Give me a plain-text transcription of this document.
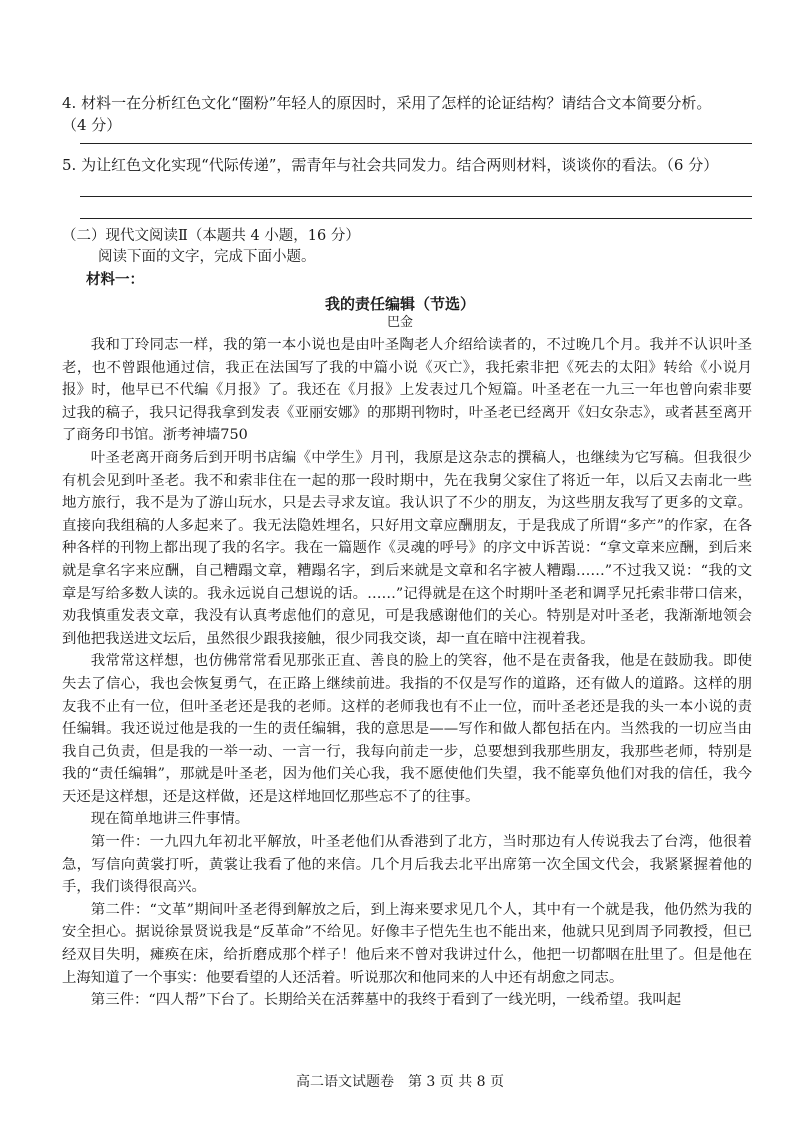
4. 材料一在分析红色文化“圈粉”年轻人的原因时，采用了怎样的论证结构？请结合文本简要分析。
（4 分）
5. 为让红色文化实现“代际传递”，需青年与社会共同发力。结合两则材料，谈谈你的看法。（6 分）
（二）现代文阅读Ⅱ（本题共 4 小题，16 分）
阅读下面的文字，完成下面小题。
材料一：
我的责任编辑（节选）
巴金

我和丁玲同志一样，我的第一本小说也是由叶圣陶老人介绍给读者的，不过晚几个月。我并不认识叶圣老，也不曾跟他通过信，我正在法国写了我的中篇小说《灭亡》，我托索非把《死去的太阳》转给《小说月报》时，他早已不代编《月报》了。我还在《月报》上发表过几个短篇。叶圣老在一九三一年也曾向索非要过我的稿子，我只记得我拿到发表《亚丽安娜》的那期刊物时，叶圣老已经离开《妇女杂志》，或者甚至离开了商务印书馆。浙考神墙750

叶圣老离开商务后到开明书店编《中学生》月刊，我原是这杂志的撰稿人，也继续为它写稿。但我很少有机会见到叶圣老。我不和索非住在一起的那一段时期中，先在我舅父家住了将近一年，以后又去南北一些地方旅行，我不是为了游山玩水，只是去寻求友谊。我认识了不少的朋友，为这些朋友我写了更多的文章。直接向我组稿的人多起来了。我无法隐姓埋名，只好用文章应酬朋友，于是我成了所谓“多产”的作家，在各种各样的刊物上都出现了我的名字。我在一篇题作《灵魂的呼号》的序文中诉苦说：“拿文章来应酬，到后来就是拿名字来应酬，自己糟蹋文章，糟蹋名字，到后来就是文章和名字被人糟蹋……”不过我又说：“我的文章是写给多数人读的。我永远说自己想说的话。……”记得就是在这个时期叶圣老和调孚兄托索非带口信来，劝我慎重发表文章，我没有认真考虑他们的意见，可是我感谢他们的关心。特别是对叶圣老，我渐渐地领会到他把我送进文坛后，虽然很少跟我接触，很少同我交谈，却一直在暗中注视着我。

我常常这样想，也仿佛常常看见那张正直、善良的脸上的笑容，他不是在责备我，他是在鼓励我。即使失去了信心，我也会恢复勇气，在正路上继续前进。我指的不仅是写作的道路，还有做人的道路。这样的朋友我不止有一位，但叶圣老还是我的老师。这样的老师我也有不止一位，而叶圣老还是我的头一本小说的责任编辑。我还说过他是我的一生的责任编辑，我的意思是——写作和做人都包括在内。当然我的一切应当由我自己负责，但是我的一举一动、一言一行，我每向前走一步，总要想到我那些朋友，我那些老师，特别是我的“责任编辑”，那就是叶圣老，因为他们关心我，我不愿使他们失望，我不能辜负他们对我的信任，我今天还是这样想，还是这样做，还是这样地回忆那些忘不了的往事。

现在简单地讲三件事情。

第一件：一九四九年初北平解放，叶圣老他们从香港到了北方，当时那边有人传说我去了台湾，他很着急，写信向黄裳打听，黄裳让我看了他的来信。几个月后我去北平出席第一次全国文代会，我紧紧握着他的手，我们谈得很高兴。

第二件：“文革”期间叶圣老得到解放之后，到上海来要求见几个人，其中有一个就是我，他仍然为我的安全担心。据说徐景贤说我是“反革命”不给见。好像丰子恺先生也不能出来，他就只见到周予同教授，但已经双目失明，瘫痪在床，给折磨成那个样子！他后来不曾对我讲过什么，他把一切都咽在肚里了。但是他在上海知道了一个事实：他要看望的人还活着。听说那次和他同来的人中还有胡愈之同志。

第三件：“四人帮”下台了。长期给关在活葬墓中的我终于看到了一线光明，一线希望。我叫起

高二语文试题卷　第 3 页 共 8 页
